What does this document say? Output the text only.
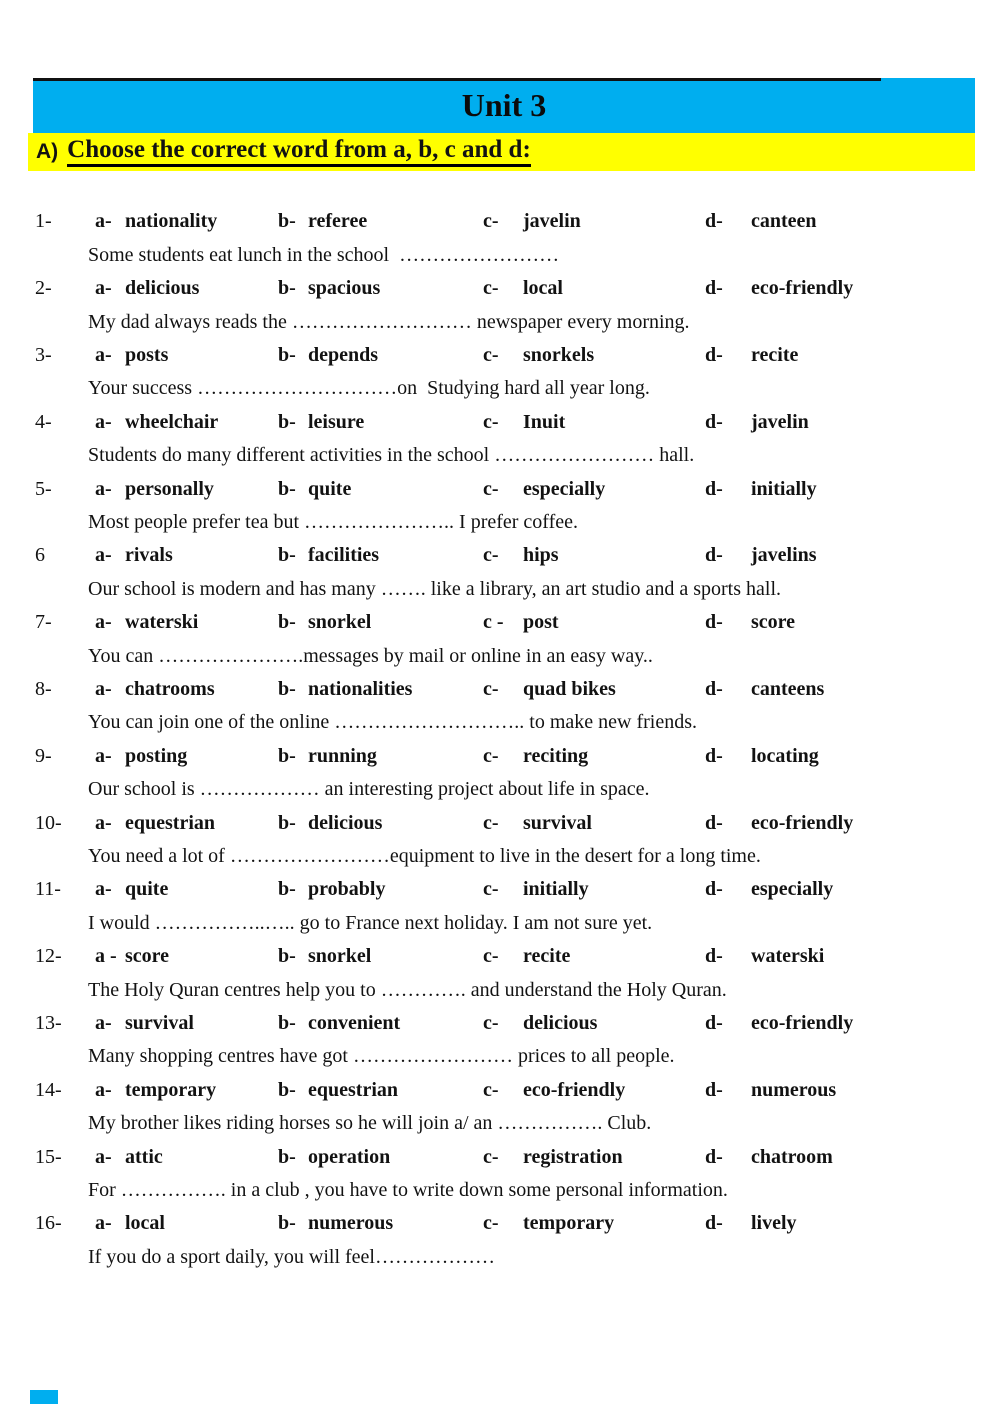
Unit 3
A) Choose the correct word from a, b, c and d:

1-

Some students eat lunch in the school  ……………………

a- nationality	b- referee	c- javelin	d- canteen

2-

My dad always reads the ……………………… newspaper every morning.

a- delicious	b- spacious	c- local	d- eco-friendly

3-

Your success …………………………on  Studying hard all year long.

a- posts	b- depends	c- snorkels	d- recite

4-

Students do many different activities in the school …………………… hall.

a- wheelchair	b- leisure	c- Inuit	d- javelin

5-

Most people prefer tea but ………………….. I prefer coffee.

a- personally	b- quite	c- especially	d- initially

6

Our school is modern and has many ……. like a library, an art studio and a sports hall.

a- rivals	b- facilities	c- hips	d- javelins

7-

You can ………………….messages by mail or online in an easy way..

a- waterski	b- snorkel	c - post	d- score

8-

You can join one of the online ……………………….. to make new friends.

a- chatrooms	b- nationalities	c- quad bikes	d- canteens

9-

Our school is ……………… an interesting project about life in space.

a- posting	b- running	c- reciting	d- locating

10-

You need a lot of ……………………equipment to live in the desert for a long time.

a- equestrian	b- delicious	c- survival	d- eco-friendly

11-

I would ……………..….. go to France next holiday. I am not sure yet.

a- quite	b- probably	c- initially	d- especially

12-

The Holy Quran centres help you to …………. and understand the Holy Quran.

a - score	b- snorkel	c- recite	d- waterski

13-

Many shopping centres have got …………………… prices to all people.

a- survival	b- convenient	c- delicious	d- eco-friendly

14-

My brother likes riding horses so he will join a/ an ……………. Club.

a- temporary	b- equestrian	c- eco-friendly	d- numerous

15-

For ……………. in a club , you have to write down some personal information.

a- attic	b- operation	c- registration	d- chatroom

16-

If you do a sport daily, you will feel………………

a- local	b- numerous	c- temporary	d- lively
